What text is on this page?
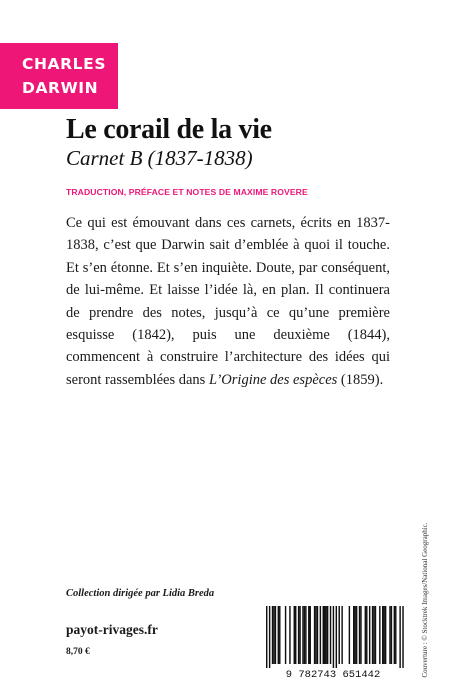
CHARLES
DARWIN
Le corail de la vie
Carnet B (1837-1838)
TRADUCTION, PRÉFACE ET NOTES DE MAXIME ROVERE
Ce qui est émouvant dans ces carnets, écrits en 1837-1838, c’est que Darwin sait d’emblée à quoi il touche. Et s’en étonne. Et s’en inquiète. Doute, par conséquent, de lui-même. Et laisse l’idée là, en plan. Il continuera de prendre des notes, jusqu’à ce qu’une première esquisse (1842), puis une deuxième (1844), commencent à construire l’architecture des idées qui seront rassemblées dans L’Origine des espèces (1859).
Collection dirigée par Lidia Breda
payot-rivages.fr
8,70 €
9 782743 651442	Couverture : © Stocktrek Images/National Geographic.
